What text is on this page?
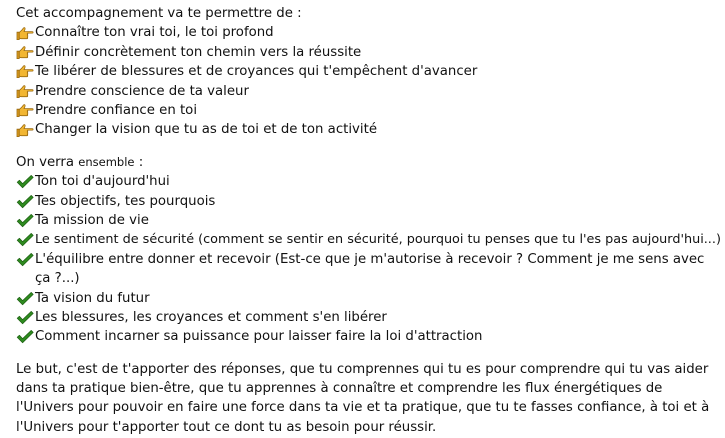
Cet accompagnement va te permettre de :
Connaître ton vrai toi, le toi profond
Définir concrètement ton chemin vers la réussite
Te libérer de blessures et de croyances qui t'empêchent d'avancer
Prendre conscience de ta valeur
Prendre confiance en toi
Changer la vision que tu as de toi et de ton activité
On verra ensemble :
Ton toi d'aujourd'hui
Tes objectifs, tes pourquois
Ta mission de vie
Le sentiment de sécurité (comment se sentir en sécurité, pourquoi tu penses que tu l'es pas aujourd'hui...)
L'équilibre entre donner et recevoir (Est-ce que je m'autorise à recevoir ? Comment je me sens avec ça ?...)
Ta vision du futur
Les blessures, les croyances et comment s'en libérer
Comment incarner sa puissance pour laisser faire la loi d'attraction
Le but, c'est de t'apporter des réponses, que tu comprennes qui tu es pour comprendre qui tu vas aider dans ta pratique bien-être, que tu apprennes à connaître et comprendre les flux énergétiques de l'Univers pour pouvoir en faire une force dans ta vie et ta pratique, que tu te fasses confiance, à toi et à l'Univers pour t'apporter tout ce dont tu as besoin pour réussir.
